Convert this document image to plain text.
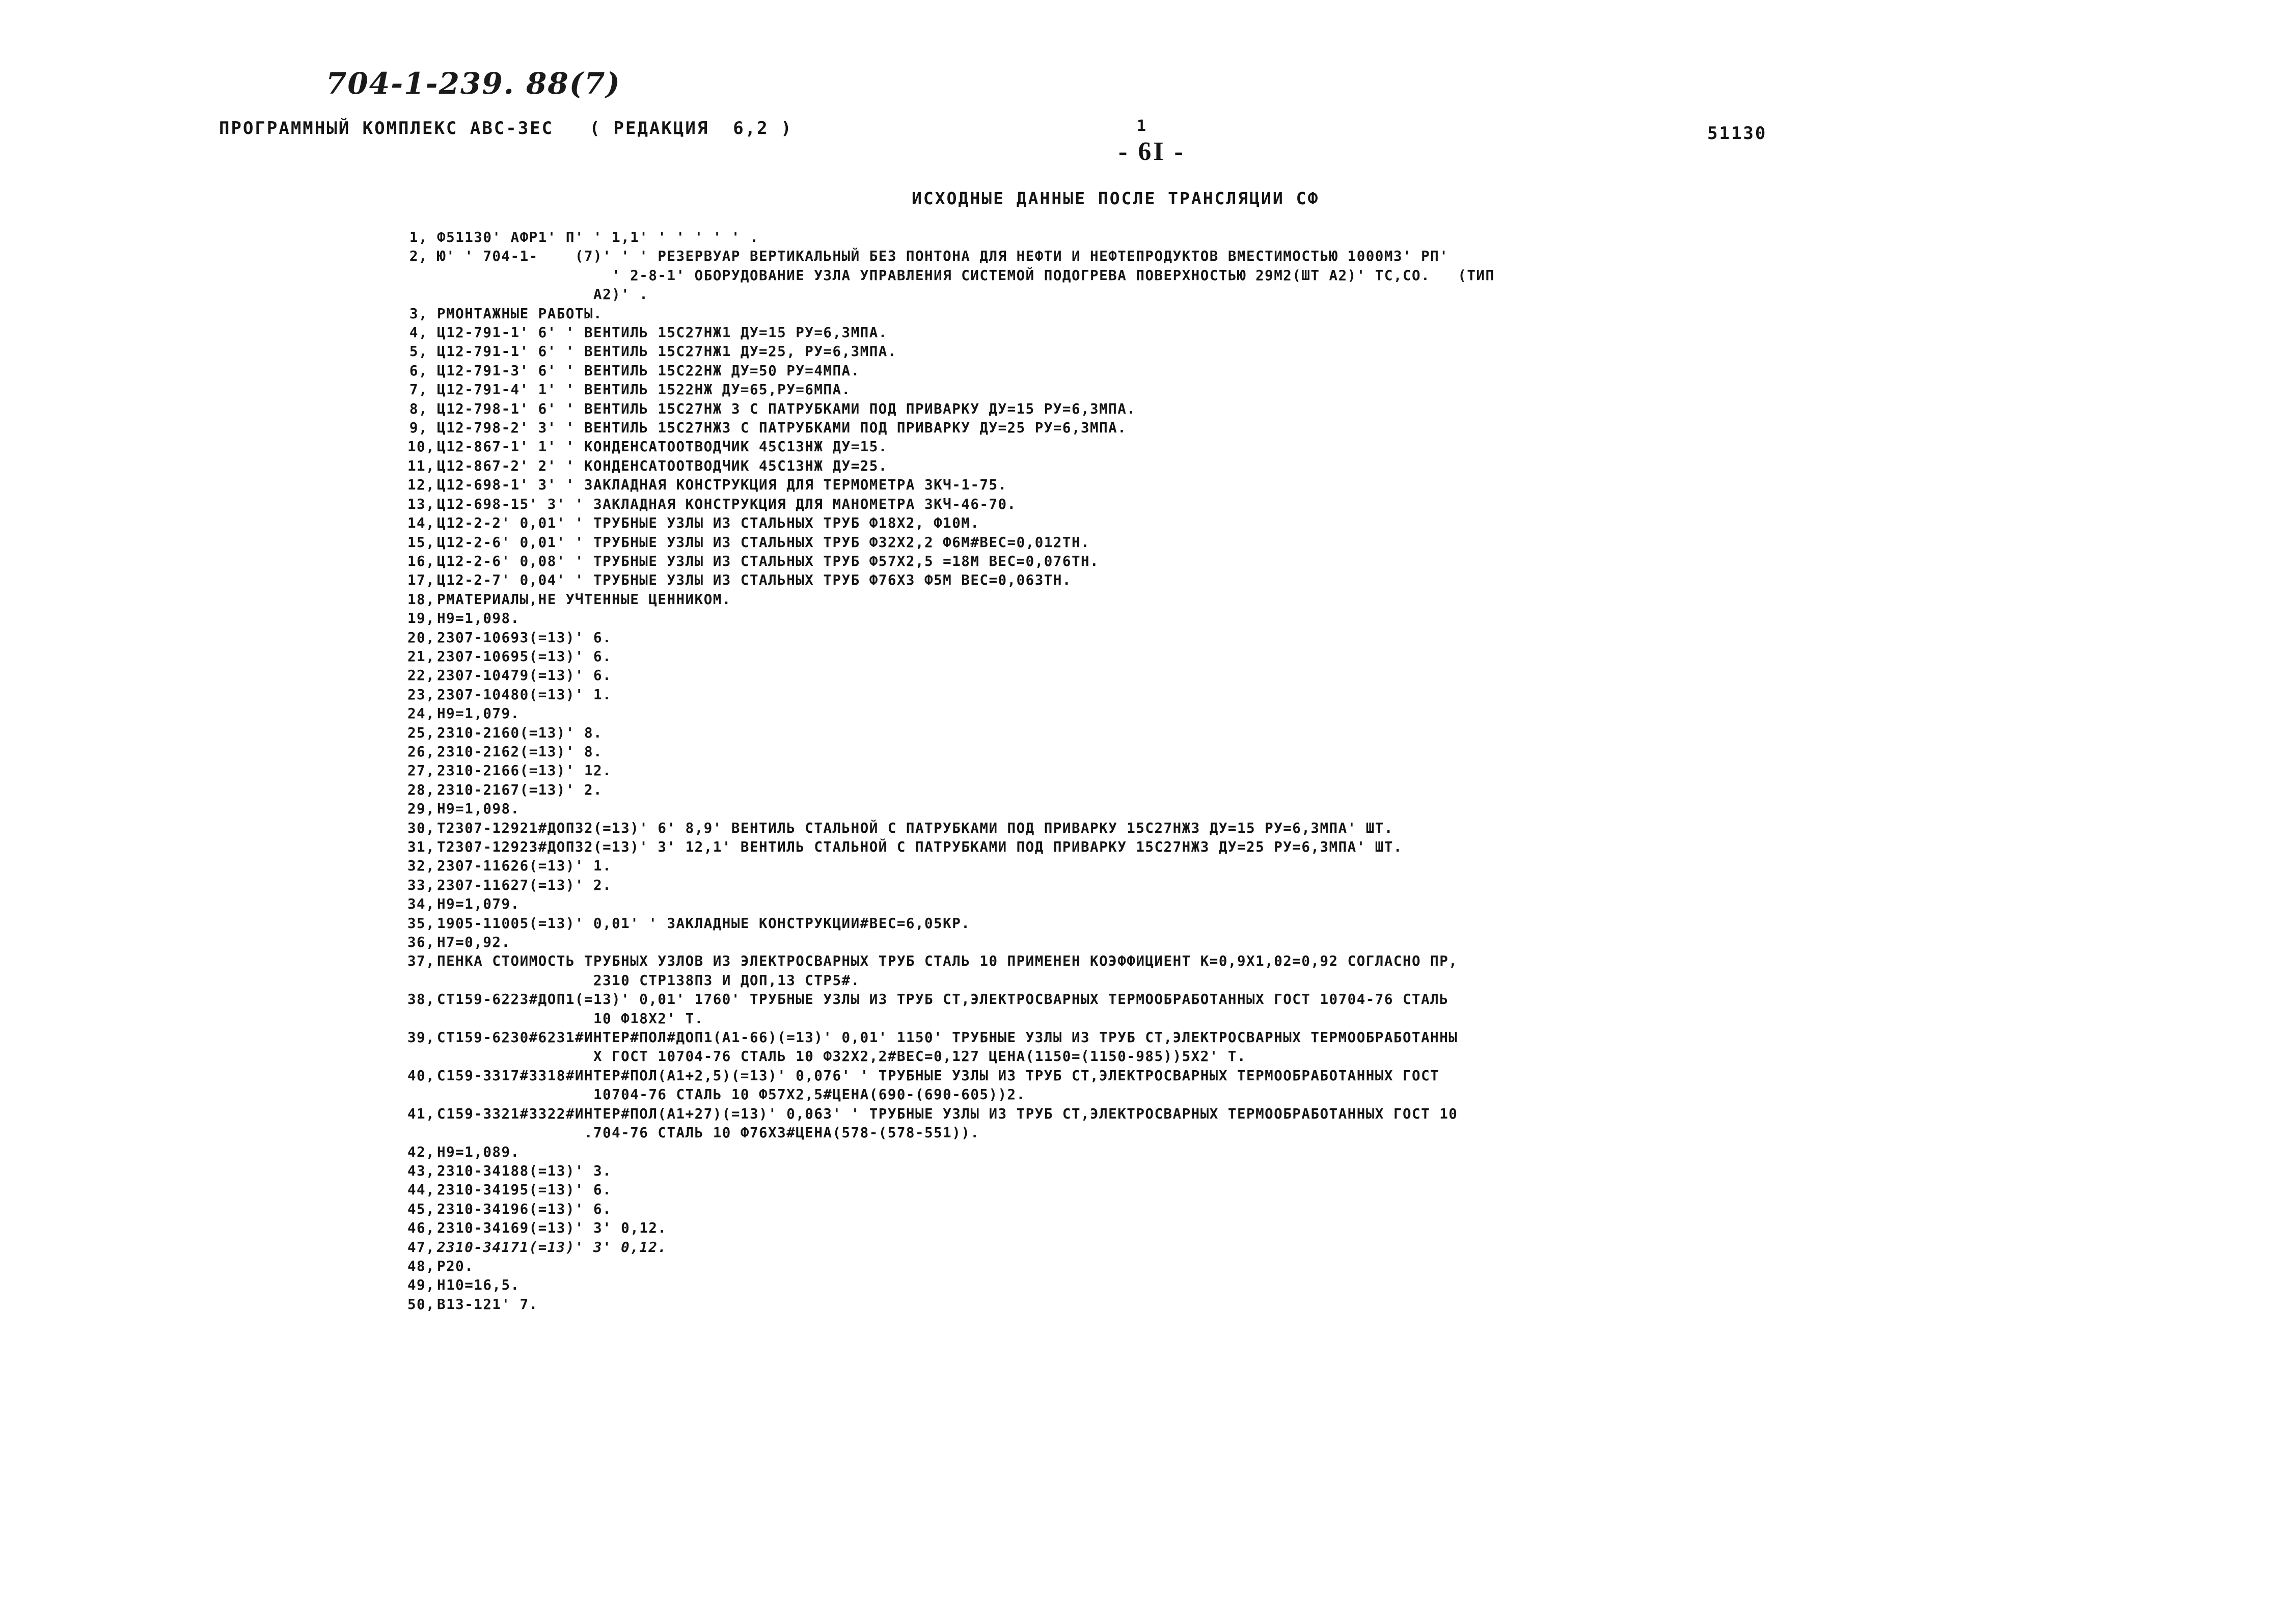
704-1-239. 88(7)
ПРОГРАММНЫЙ КОМПЛЕКС АВС-3ЕС   ( РЕДАКЦИЯ  6,2 )	1
- 6I -
51130
ИСХОДНЫЕ ДАННЫЕ ПОСЛЕ ТРАНСЛЯЦИИ СФ
1, Ф51130' АФР1' П' ' 1,1' ' ' ' ' ' .
2, Ю' ' 704-1-    (7)' ' ' РЕЗЕРВУАР ВЕРТИКАЛЬНЫЙ БЕЗ ПОНТОНА ДЛЯ НЕФТИ И НЕФТЕПРОДУКТОВ ВМЕСТИМОСТЬЮ 1000М3' РП'
' 2-8-1' ОБОРУДОВАНИЕ УЗЛА УПРАВЛЕНИЯ СИСТЕМОЙ ПОДОГРЕВА ПОВЕРХНОСТЬЮ 29М2(ШТ А2)' ТС,СО.   (ТИП
А2)' .
3, РМОНТАЖНЫЕ РАБОТЫ.
4, Ц12-791-1' 6' ' ВЕНТИЛЬ 15С27НЖ1 ДУ=15 РУ=6,3МПА.
5, Ц12-791-1' 6' ' ВЕНТИЛЬ 15С27НЖ1 ДУ=25, РУ=6,3МПА.
6, Ц12-791-3' 6' ' ВЕНТИЛЬ 15С22НЖ ДУ=50 РУ=4МПА.
7, Ц12-791-4' 1' ' ВЕНТИЛЬ 1522НЖ ДУ=65,РУ=6МПА.
8, Ц12-798-1' 6' ' ВЕНТИЛЬ 15С27НЖ 3 С ПАТРУБКАМИ ПОД ПРИВАРКУ ДУ=15 РУ=6,3МПА.
9, Ц12-798-2' 3' ' ВЕНТИЛЬ 15С27НЖ3 С ПАТРУБКАМИ ПОД ПРИВАРКУ ДУ=25 РУ=6,3МПА.
10,
Ц12-867-1' 1' ' КОНДЕНСАТООТВОДЧИК 45С13НЖ ДУ=15.
11,
Ц12-867-2' 2' ' КОНДЕНСАТООТВОДЧИК 45С13НЖ ДУ=25.
12,
Ц12-698-1' 3' ' ЗАКЛАДНАЯ КОНСТРУКЦИЯ ДЛЯ ТЕРМОМЕТРА ЗКЧ-1-75.
13,
Ц12-698-15' 3' ' ЗАКЛАДНАЯ КОНСТРУКЦИЯ ДЛЯ МАНОМЕТРА ЗКЧ-46-70.
14,
Ц12-2-2' 0,01' ' ТРУБНЫЕ УЗЛЫ ИЗ СТАЛЬНЫХ ТРУБ Ф18Х2, Ф10М.
15,
Ц12-2-6' 0,01' ' ТРУБНЫЕ УЗЛЫ ИЗ СТАЛЬНЫХ ТРУБ Ф32Х2,2 Ф6М#ВЕС=0,012ТН.
16,
Ц12-2-6' 0,08' ' ТРУБНЫЕ УЗЛЫ ИЗ СТАЛЬНЫХ ТРУБ Ф57Х2,5 =18М ВЕС=0,076ТН.
17,
Ц12-2-7' 0,04' ' ТРУБНЫЕ УЗЛЫ ИЗ СТАЛЬНЫХ ТРУБ Ф76Х3 Ф5М ВЕС=0,063ТН.
18,
РМАТЕРИАЛЫ,НЕ УЧТЕННЫЕ ЦЕННИКОМ.
19,
Н9=1,098.
20,
2307-10693(=13)' 6.
21,
2307-10695(=13)' 6.
22,
2307-10479(=13)' 6.
23,
2307-10480(=13)' 1.
24,
Н9=1,079.
25,
2310-2160(=13)' 8.
26,
2310-2162(=13)' 8.
27,
2310-2166(=13)' 12.
28,
2310-2167(=13)' 2.
29,
Н9=1,098.
30,
Т2307-12921#ДОП32(=13)' 6' 8,9' ВЕНТИЛЬ СТАЛЬНОЙ С ПАТРУБКАМИ ПОД ПРИВАРКУ 15С27НЖ3 ДУ=15 РУ=6,3МПА' ШТ.
31,
Т2307-12923#ДОП32(=13)' 3' 12,1' ВЕНТИЛЬ СТАЛЬНОЙ С ПАТРУБКАМИ ПОД ПРИВАРКУ 15С27НЖ3 ДУ=25 РУ=6,3МПА' ШТ.
32,
2307-11626(=13)' 1.
33,
2307-11627(=13)' 2.
34,
Н9=1,079.
35,
1905-11005(=13)' 0,01' ' ЗАКЛАДНЫЕ КОНСТРУКЦИИ#ВЕС=6,05КР.
36,
Н7=0,92.
37,
ПЕНКА СТОИМОСТЬ ТРУБНЫХ УЗЛОВ ИЗ ЭЛЕКТРОСВАРНЫХ ТРУБ СТАЛЬ 10 ПРИМЕНЕН КОЭФФИЦИЕНТ К=0,9Х1,02=0,92 СОГЛАСНО ПР,
2310 СТР138П3 И ДОП,13 СТР5#.
38,
СТ159-6223#ДОП1(=13)' 0,01' 1760' ТРУБНЫЕ УЗЛЫ ИЗ ТРУБ СТ,ЭЛЕКТРОСВАРНЫХ ТЕРМООБРАБОТАННЫХ ГОСТ 10704-76 СТАЛЬ
10 Ф18Х2' Т.
39,
СТ159-6230#6231#ИНТЕР#ПОЛ#ДОП1(А1-66)(=13)' 0,01' 1150' ТРУБНЫЕ УЗЛЫ ИЗ ТРУБ СТ,ЭЛЕКТРОСВАРНЫХ ТЕРМООБРАБОТАННЫ
Х ГОСТ 10704-76 СТАЛЬ 10 Ф32Х2,2#ВЕС=0,127 ЦЕНА(1150=(1150-985))5Х2' Т.
40,
С159-3317#3318#ИНТЕР#ПОЛ(А1+2,5)(=13)' 0,076' ' ТРУБНЫЕ УЗЛЫ ИЗ ТРУБ СТ,ЭЛЕКТРОСВАРНЫХ ТЕРМООБРАБОТАННЫХ ГОСТ
10704-76 СТАЛЬ 10 Ф57Х2,5#ЦЕНА(690-(690-605))2.
41,
С159-3321#3322#ИНТЕР#ПОЛ(А1+27)(=13)' 0,063' ' ТРУБНЫЕ УЗЛЫ ИЗ ТРУБ СТ,ЭЛЕКТРОСВАРНЫХ ТЕРМООБРАБОТАННЫХ ГОСТ 10
.704-76 СТАЛЬ 10 Ф76Х3#ЦЕНА(578-(578-551)).
42,
Н9=1,089.
43,
2310-34188(=13)' 3.
44,
2310-34195(=13)' 6.
45,
2310-34196(=13)' 6.
46,
2310-34169(=13)' 3' 0,12.
47,
2310-34171(=13)' 3' 0,12.
48,
Р20.
49,
Н10=16,5.
50,
В13-121' 7.
